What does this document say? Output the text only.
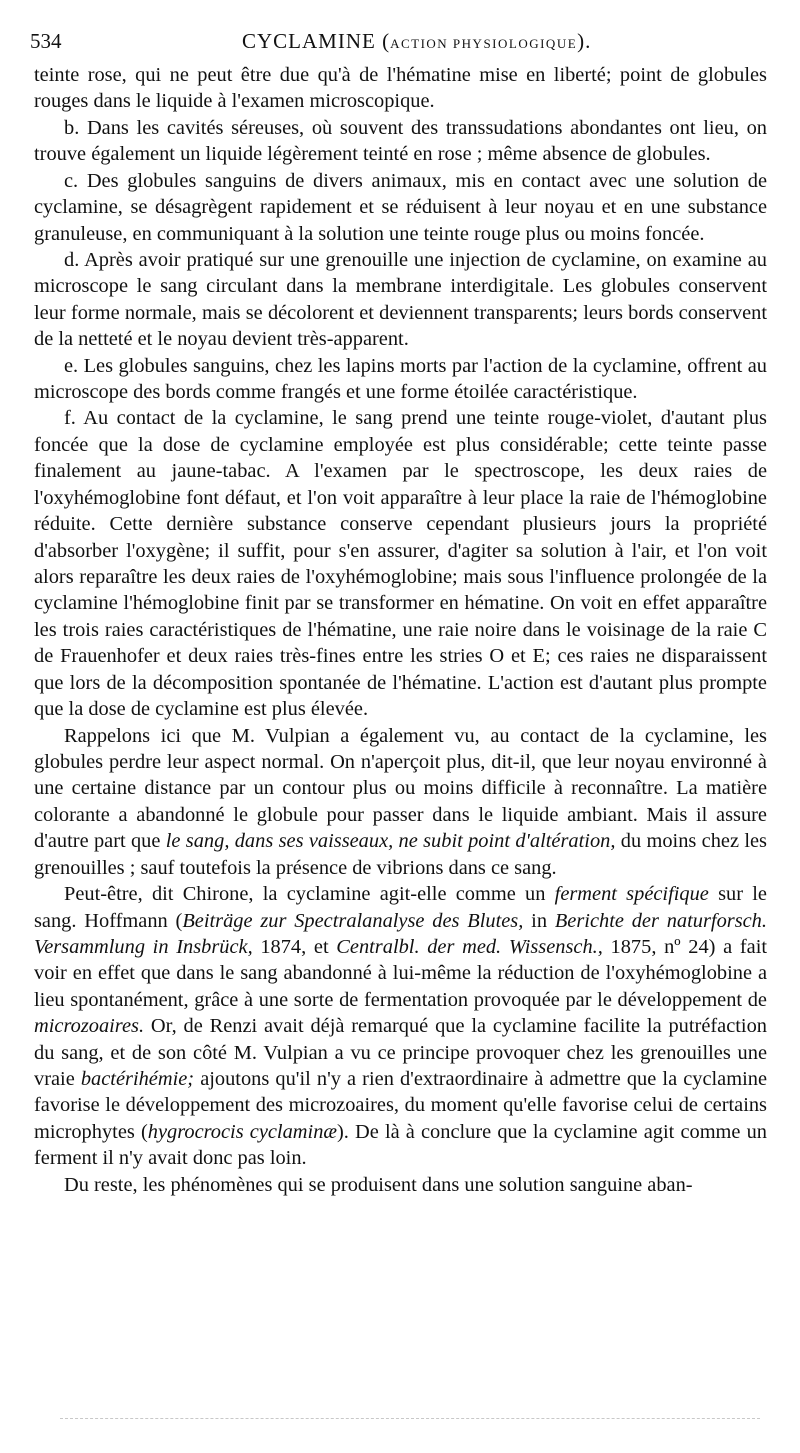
534	CYCLAMINE (ACTION PHYSIOLOGIQUE).

teinte rose, qui ne peut être due qu'à de l'hématine mise en liberté; point de globules rouges dans le liquide à l'examen microscopique.

b. Dans les cavités séreuses, où souvent des transsudations abondantes ont lieu, on trouve également un liquide légèrement teinté en rose ; même absence de globules.

c. Des globules sanguins de divers animaux, mis en contact avec une solution de cyclamine, se désagrègent rapidement et se réduisent à leur noyau et en une substance granuleuse, en communiquant à la solution une teinte rouge plus ou moins foncée.

d. Après avoir pratiqué sur une grenouille une injection de cyclamine, on examine au microscope le sang circulant dans la membrane interdigitale. Les globules conservent leur forme normale, mais se décolorent et deviennent transparents; leurs bords conservent de la netteté et le noyau devient très-apparent.

e. Les globules sanguins, chez les lapins morts par l'action de la cyclamine, offrent au microscope des bords comme frangés et une forme étoilée caractéristique.

f. Au contact de la cyclamine, le sang prend une teinte rouge-violet, d'autant plus foncée que la dose de cyclamine employée est plus considérable; cette teinte passe finalement au jaune-tabac. A l'examen par le spectroscope, les deux raies de l'oxyhémoglobine font défaut, et l'on voit apparaître à leur place la raie de l'hémoglobine réduite. Cette dernière substance conserve cependant plusieurs jours la propriété d'absorber l'oxygène; il suffit, pour s'en assurer, d'agiter sa solution à l'air, et l'on voit alors reparaître les deux raies de l'oxyhémoglobine; mais sous l'influence prolongée de la cyclamine l'hémoglobine finit par se transformer en hématine. On voit en effet apparaître les trois raies caractéristiques de l'hématine, une raie noire dans le voisinage de la raie C de Frauenhofer et deux raies très-fines entre les stries O et E; ces raies ne disparaissent que lors de la décomposition spontanée de l'hématine. L'action est d'autant plus prompte que la dose de cyclamine est plus élevée.

Rappelons ici que M. Vulpian a également vu, au contact de la cyclamine, les globules perdre leur aspect normal. On n'aperçoit plus, dit-il, que leur noyau environné à une certaine distance par un contour plus ou moins difficile à reconnaître. La matière colorante a abandonné le globule pour passer dans le liquide ambiant. Mais il assure d'autre part que le sang, dans ses vaisseaux, ne subit point d'altération, du moins chez les grenouilles ; sauf toutefois la présence de vibrions dans ce sang.

Peut-être, dit Chirone, la cyclamine agit-elle comme un ferment spécifique sur le sang. Hoffmann (Beiträge zur Spectralanalyse des Blutes, in Berichte der naturforsch. Versammlung in Insbrück, 1874, et Centralbl. der med. Wissensch., 1875, nº 24) a fait voir en effet que dans le sang abandonné à lui-même la réduction de l'oxyhémoglobine a lieu spontanément, grâce à une sorte de fermentation provoquée par le développement de microzoaires. Or, de Renzi avait déjà remarqué que la cyclamine facilite la putréfaction du sang, et de son côté M. Vulpian a vu ce principe provoquer chez les grenouilles une vraie bactérihémie; ajoutons qu'il n'y a rien d'extraordinaire à admettre que la cyclamine favorise le développement des microzoaires, du moment qu'elle favorise celui de certains microphytes (hygrocrocis cyclaminæ). De là à conclure que la cyclamine agit comme un ferment il n'y avait donc pas loin.

Du reste, les phénomènes qui se produisent dans une solution sanguine aban-
